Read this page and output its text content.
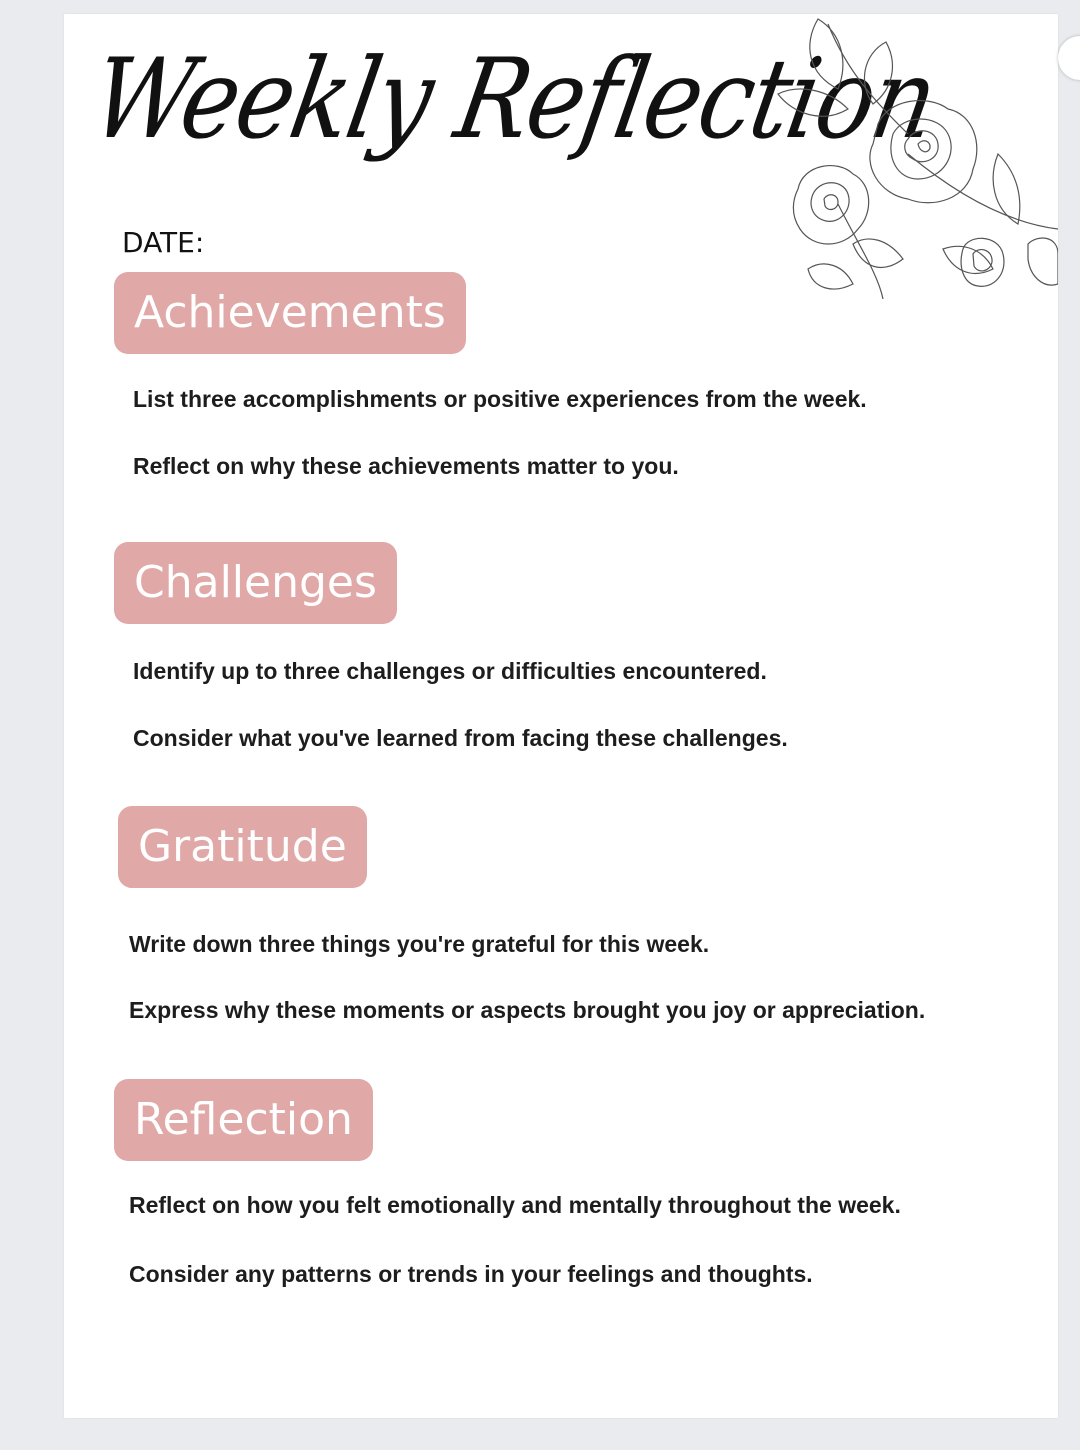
Weekly Reflection
DATE:
Achievements
List three accomplishments or positive experiences from the week.
Reflect on why these achievements matter to you.
Challenges
Identify up to three challenges or difficulties encountered.
Consider what you've learned from facing these challenges.
Gratitude
Write down three things you're grateful for this week.
Express why these moments or aspects brought you joy or appreciation.
Reflection
Reflect on how you felt emotionally and mentally throughout the week.
Consider any patterns or trends in your feelings and thoughts.
